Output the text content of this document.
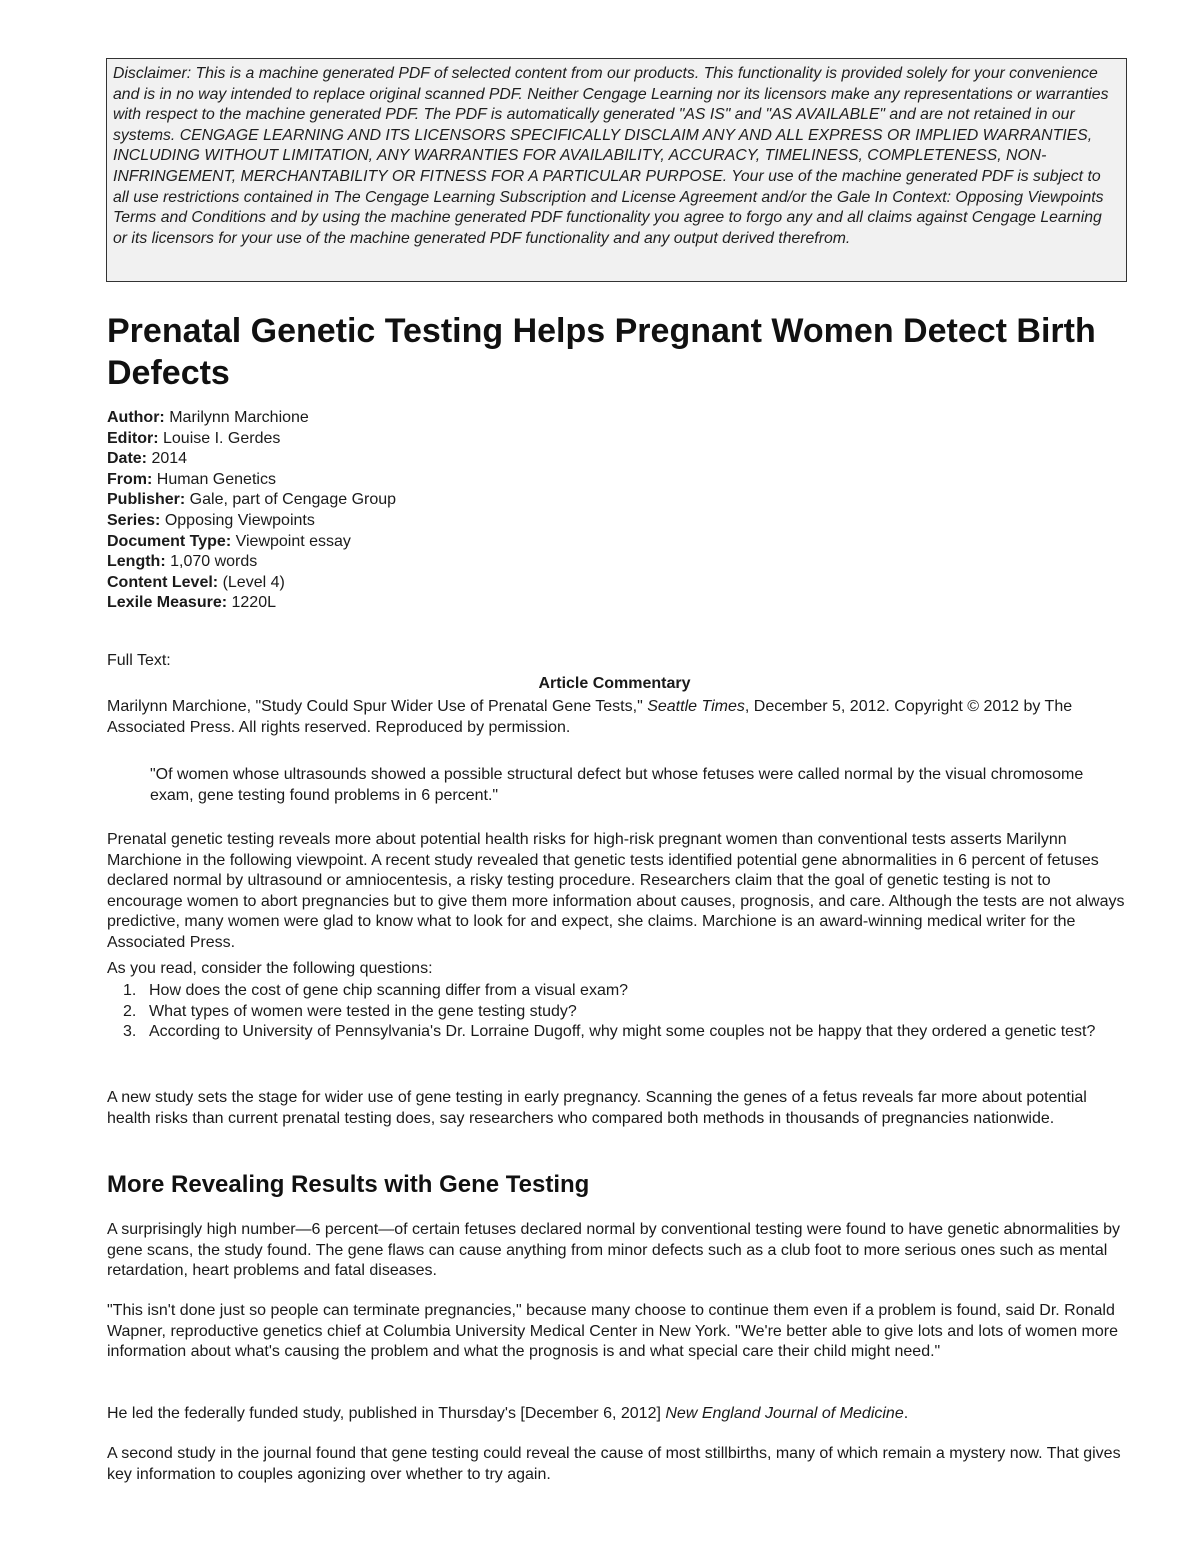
Disclaimer: This is a machine generated PDF of selected content from our products. This functionality is provided solely for your convenience and is in no way intended to replace original scanned PDF. Neither Cengage Learning nor its licensors make any representations or warranties with respect to the machine generated PDF. The PDF is automatically generated "AS IS" and "AS AVAILABLE" and are not retained in our systems. CENGAGE LEARNING AND ITS LICENSORS SPECIFICALLY DISCLAIM ANY AND ALL EXPRESS OR IMPLIED WARRANTIES, INCLUDING WITHOUT LIMITATION, ANY WARRANTIES FOR AVAILABILITY, ACCURACY, TIMELINESS, COMPLETENESS, NON-INFRINGEMENT, MERCHANTABILITY OR FITNESS FOR A PARTICULAR PURPOSE. Your use of the machine generated PDF is subject to all use restrictions contained in The Cengage Learning Subscription and License Agreement and/or the Gale In Context: Opposing Viewpoints Terms and Conditions and by using the machine generated PDF functionality you agree to forgo any and all claims against Cengage Learning or its licensors for your use of the machine generated PDF functionality and any output derived therefrom.
Prenatal Genetic Testing Helps Pregnant Women Detect Birth Defects
Author: Marilynn Marchione
Editor: Louise I. Gerdes
Date: 2014
From: Human Genetics
Publisher: Gale, part of Cengage Group
Series: Opposing Viewpoints
Document Type: Viewpoint essay
Length: 1,070 words
Content Level: (Level 4)
Lexile Measure: 1220L
Full Text:
Article Commentary

Marilynn Marchione, "Study Could Spur Wider Use of Prenatal Gene Tests," Seattle Times, December 5, 2012. Copyright © 2012 by The Associated Press. All rights reserved. Reproduced by permission.

"Of women whose ultrasounds showed a possible structural defect but whose fetuses were called normal by the visual chromosome exam, gene testing found problems in 6 percent."

Prenatal genetic testing reveals more about potential health risks for high-risk pregnant women than conventional tests asserts Marilynn Marchione in the following viewpoint. A recent study revealed that genetic tests identified potential gene abnormalities in 6 percent of fetuses declared normal by ultrasound or amniocentesis, a risky testing procedure. Researchers claim that the goal of genetic testing is not to encourage women to abort pregnancies but to give them more information about causes, prognosis, and care. Although the tests are not always predictive, many women were glad to know what to look for and expect, she claims. Marchione is an award-winning medical writer for the Associated Press.

As you read, consider the following questions:

1. How does the cost of gene chip scanning differ from a visual exam?
2. What types of women were tested in the gene testing study?
3. According to University of Pennsylvania's Dr. Lorraine Dugoff, why might some couples not be happy that they ordered a genetic test?

A new study sets the stage for wider use of gene testing in early pregnancy. Scanning the genes of a fetus reveals far more about potential health risks than current prenatal testing does, say researchers who compared both methods in thousands of pregnancies nationwide.

More Revealing Results with Gene Testing

A surprisingly high number—6 percent—of certain fetuses declared normal by conventional testing were found to have genetic abnormalities by gene scans, the study found. The gene flaws can cause anything from minor defects such as a club foot to more serious ones such as mental retardation, heart problems and fatal diseases.

"This isn't done just so people can terminate pregnancies," because many choose to continue them even if a problem is found, said Dr. Ronald Wapner, reproductive genetics chief at Columbia University Medical Center in New York. "We're better able to give lots and lots of women more information about what's causing the problem and what the prognosis is and what special care their child might need."

He led the federally funded study, published in Thursday's [December 6, 2012] New England Journal of Medicine.

A second study in the journal found that gene testing could reveal the cause of most stillbirths, many of which remain a mystery now. That gives key information to couples agonizing over whether to try again.
